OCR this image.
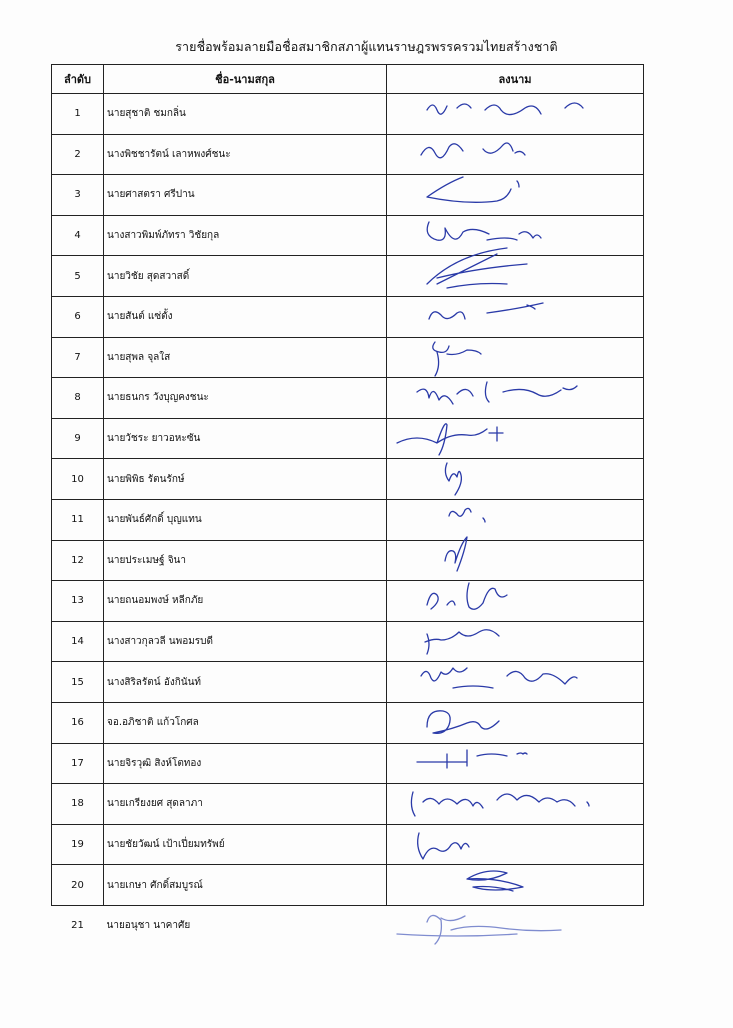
รายชื่อพร้อมลายมือชื่อสมาชิกสภาผู้แทนราษฎรพรรครวมไทยสร้างชาติ
ลำดับ	ชื่อ-นามสกุล	ลงนาม
1	นายสุชาติ ชมกลิ่น	

2	นางพิชชารัตน์ เลาหพงศ์ชนะ	

3	นายศาสตรา ศรีปาน	

4	นางสาวพิมพ์ภัทรา วิชัยกุล	

5	นายวิชัย สุดสวาสดิ์	

6	นายสันต์ แซ่ตั้ง	

7	นายสุพล จุลใส	

8	นายธนกร วังบุญคงชนะ	

9	นายวัชระ ยาวอหะซัน	

10	นายพิพิธ รัตนรักษ์	

11	นายพันธ์ศักดิ์ บุญแทน	

12	นายประเมษฐ์ จินา	

13	นายถนอมพงษ์ หลีกภัย	

14	นางสาวกุลวลี นพอมรบดี	

15	นางสิริลรัตน์ อังกินันท์	

16	จอ.อภิชาติ แก้วโกศล	

17	นายจิรวุฒิ สิงห์โตทอง	

18	นายเกรียงยศ สุดลาภา	

19	นายชัยวัฒน์ เป้าเปี่ยมทรัพย์	

20	นายเกษา ศักดิ์สมบูรณ์	

21	นายอนุชา นาคาศัย	
